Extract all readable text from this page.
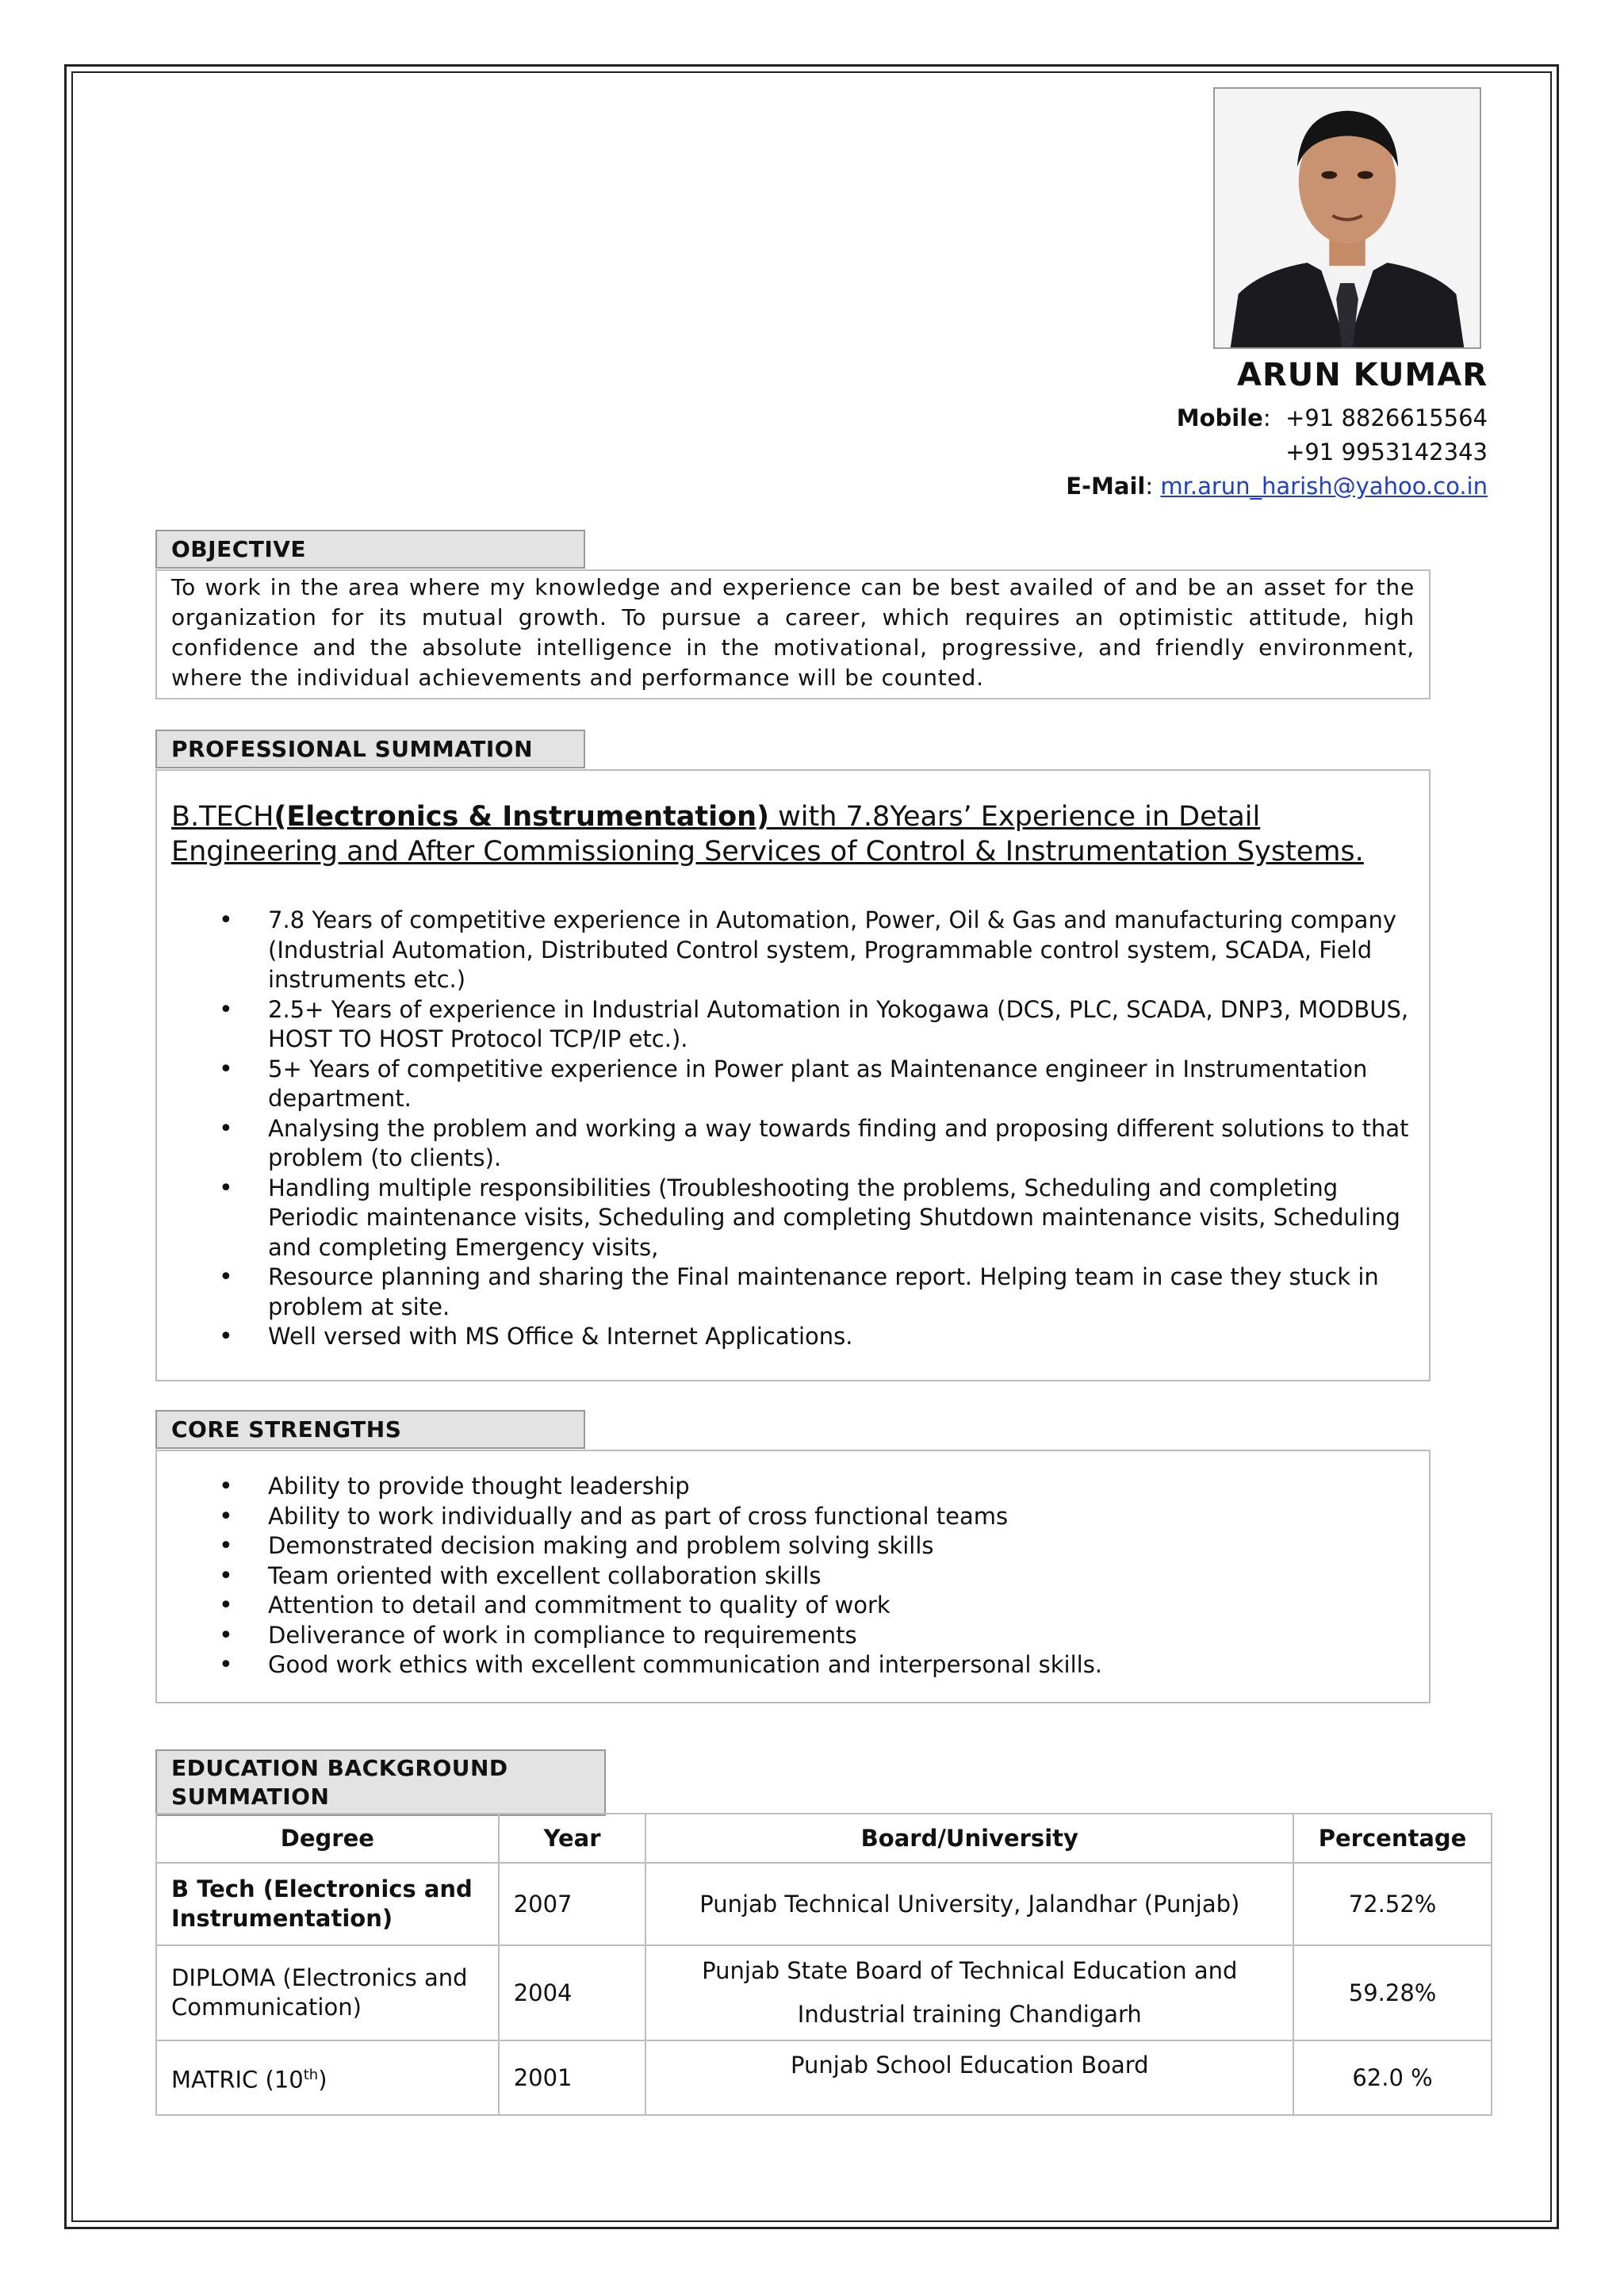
ARUN KUMAR
Mobile:  +91 8826615564
+91 9953142343
E-Mail: mr.arun_harish@yahoo.co.in
OBJECTIVE
To work in the area where my knowledge and experience can be best availed of and be an asset for the organization for its mutual growth. To pursue a career, which requires an optimistic attitude, high confidence and the absolute intelligence in the motivational, progressive, and friendly environment, where the individual achievements and performance will be counted.
PROFESSIONAL SUMMATION
B.TECH(Electronics & Instrumentation) with 7.8Years’ Experience in Detail Engineering and After Commissioning Services of Control & Instrumentation Systems.
• 7.8 Years of competitive experience in Automation, Power, Oil & Gas and manufacturing company (Industrial Automation, Distributed Control system, Programmable control system, SCADA, Field instruments etc.)
• 2.5+ Years of experience in Industrial Automation in Yokogawa (DCS, PLC, SCADA, DNP3, MODBUS, HOST TO HOST Protocol TCP/IP etc.).
• 5+ Years of competitive experience in Power plant as Maintenance engineer in Instrumentation department.
• Analysing the problem and working a way towards finding and proposing different solutions to that problem (to clients).
• Handling multiple responsibilities (Troubleshooting the problems, Scheduling and completing Periodic maintenance visits, Scheduling and completing Shutdown maintenance visits, Scheduling and completing Emergency visits,
• Resource planning and sharing the Final maintenance report. Helping team in case they stuck in problem at site.
• Well versed with MS Office & Internet Applications.
CORE STRENGTHS
• Ability to provide thought leadership
• Ability to work individually and as part of cross functional teams
• Demonstrated decision making and problem solving skills
• Team oriented with excellent collaboration skills
• Attention to detail and commitment to quality of work
• Deliverance of work in compliance to requirements
• Good work ethics with excellent communication and interpersonal skills.
EDUCATION BACKGROUND
SUMMATION
Degree	Year	Board/University	Percentage
B Tech (Electronics and Instrumentation)	2007	Punjab Technical University, Jalandhar (Punjab)	72.52%
DIPLOMA (Electronics and Communication)	2004	Punjab State Board of Technical Education and Industrial training Chandigarh	59.28%
MATRIC (10th)	2001	Punjab School Education Board	62.0 %
